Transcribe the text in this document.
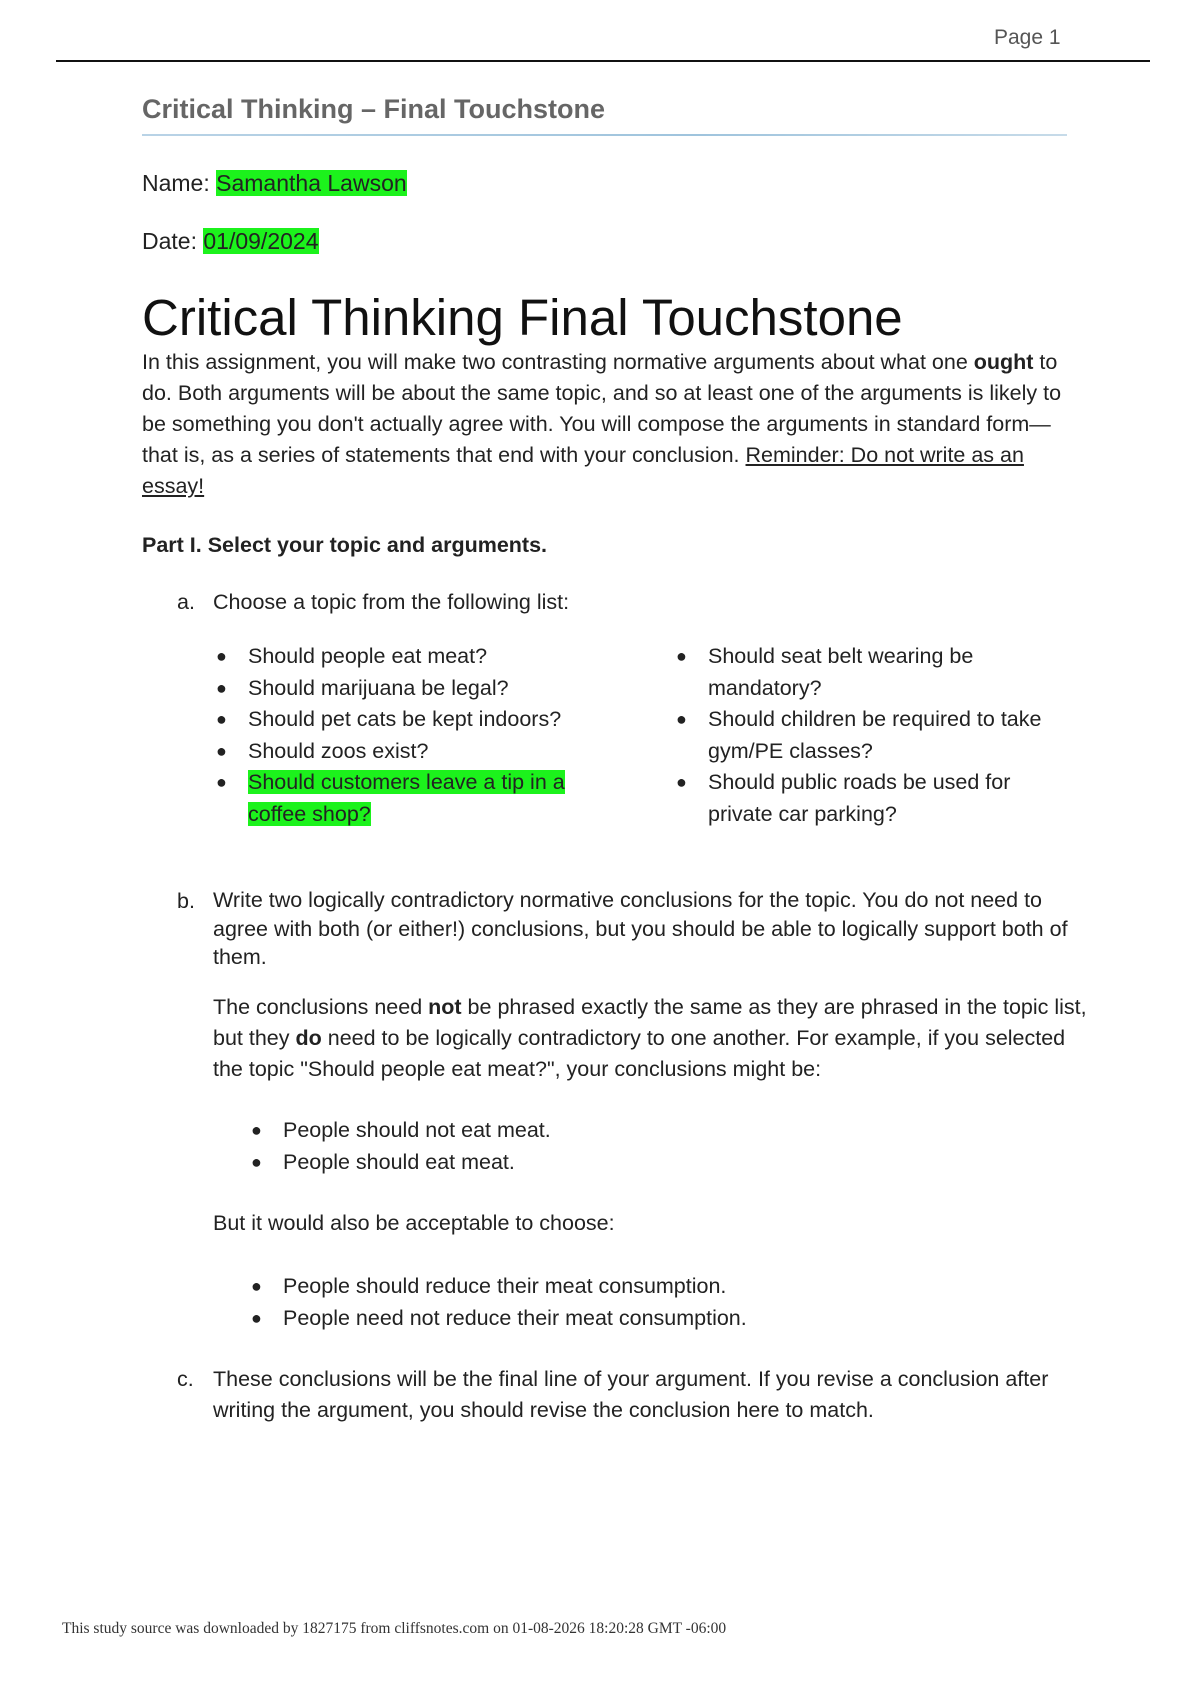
Page 1
Critical Thinking – Final Touchstone
Name: Samantha Lawson
Date: 01/09/2024
Critical Thinking Final Touchstone
In this assignment, you will make two contrasting normative arguments about what one ought to do. Both arguments will be about the same topic, and so at least one of the arguments is likely to be something you don't actually agree with. You will compose the arguments in standard form—that is, as a series of statements that end with your conclusion. Reminder: Do not write as an essay!
Part I. Select your topic and arguments.
a. Choose a topic from the following list:
● Should people eat meat?
● Should marijuana be legal?
● Should pet cats be kept indoors?
● Should zoos exist?
● Should customers leave a tip in a coffee shop?
● Should seat belt wearing be mandatory?
● Should children be required to take gym/PE classes?
● Should public roads be used for private car parking?
b. Write two logically contradictory normative conclusions for the topic. You do not need to agree with both (or either!) conclusions, but you should be able to logically support both of them.
The conclusions need not be phrased exactly the same as they are phrased in the topic list, but they do need to be logically contradictory to one another. For example, if you selected the topic "Should people eat meat?", your conclusions might be:
● People should not eat meat.
● People should eat meat.
But it would also be acceptable to choose:
● People should reduce their meat consumption.
● People need not reduce their meat consumption.
c. These conclusions will be the final line of your argument. If you revise a conclusion after writing the argument, you should revise the conclusion here to match.
This study source was downloaded by 1827175 from cliffsnotes.com on 01-08-2026 18:20:28 GMT -06:00
